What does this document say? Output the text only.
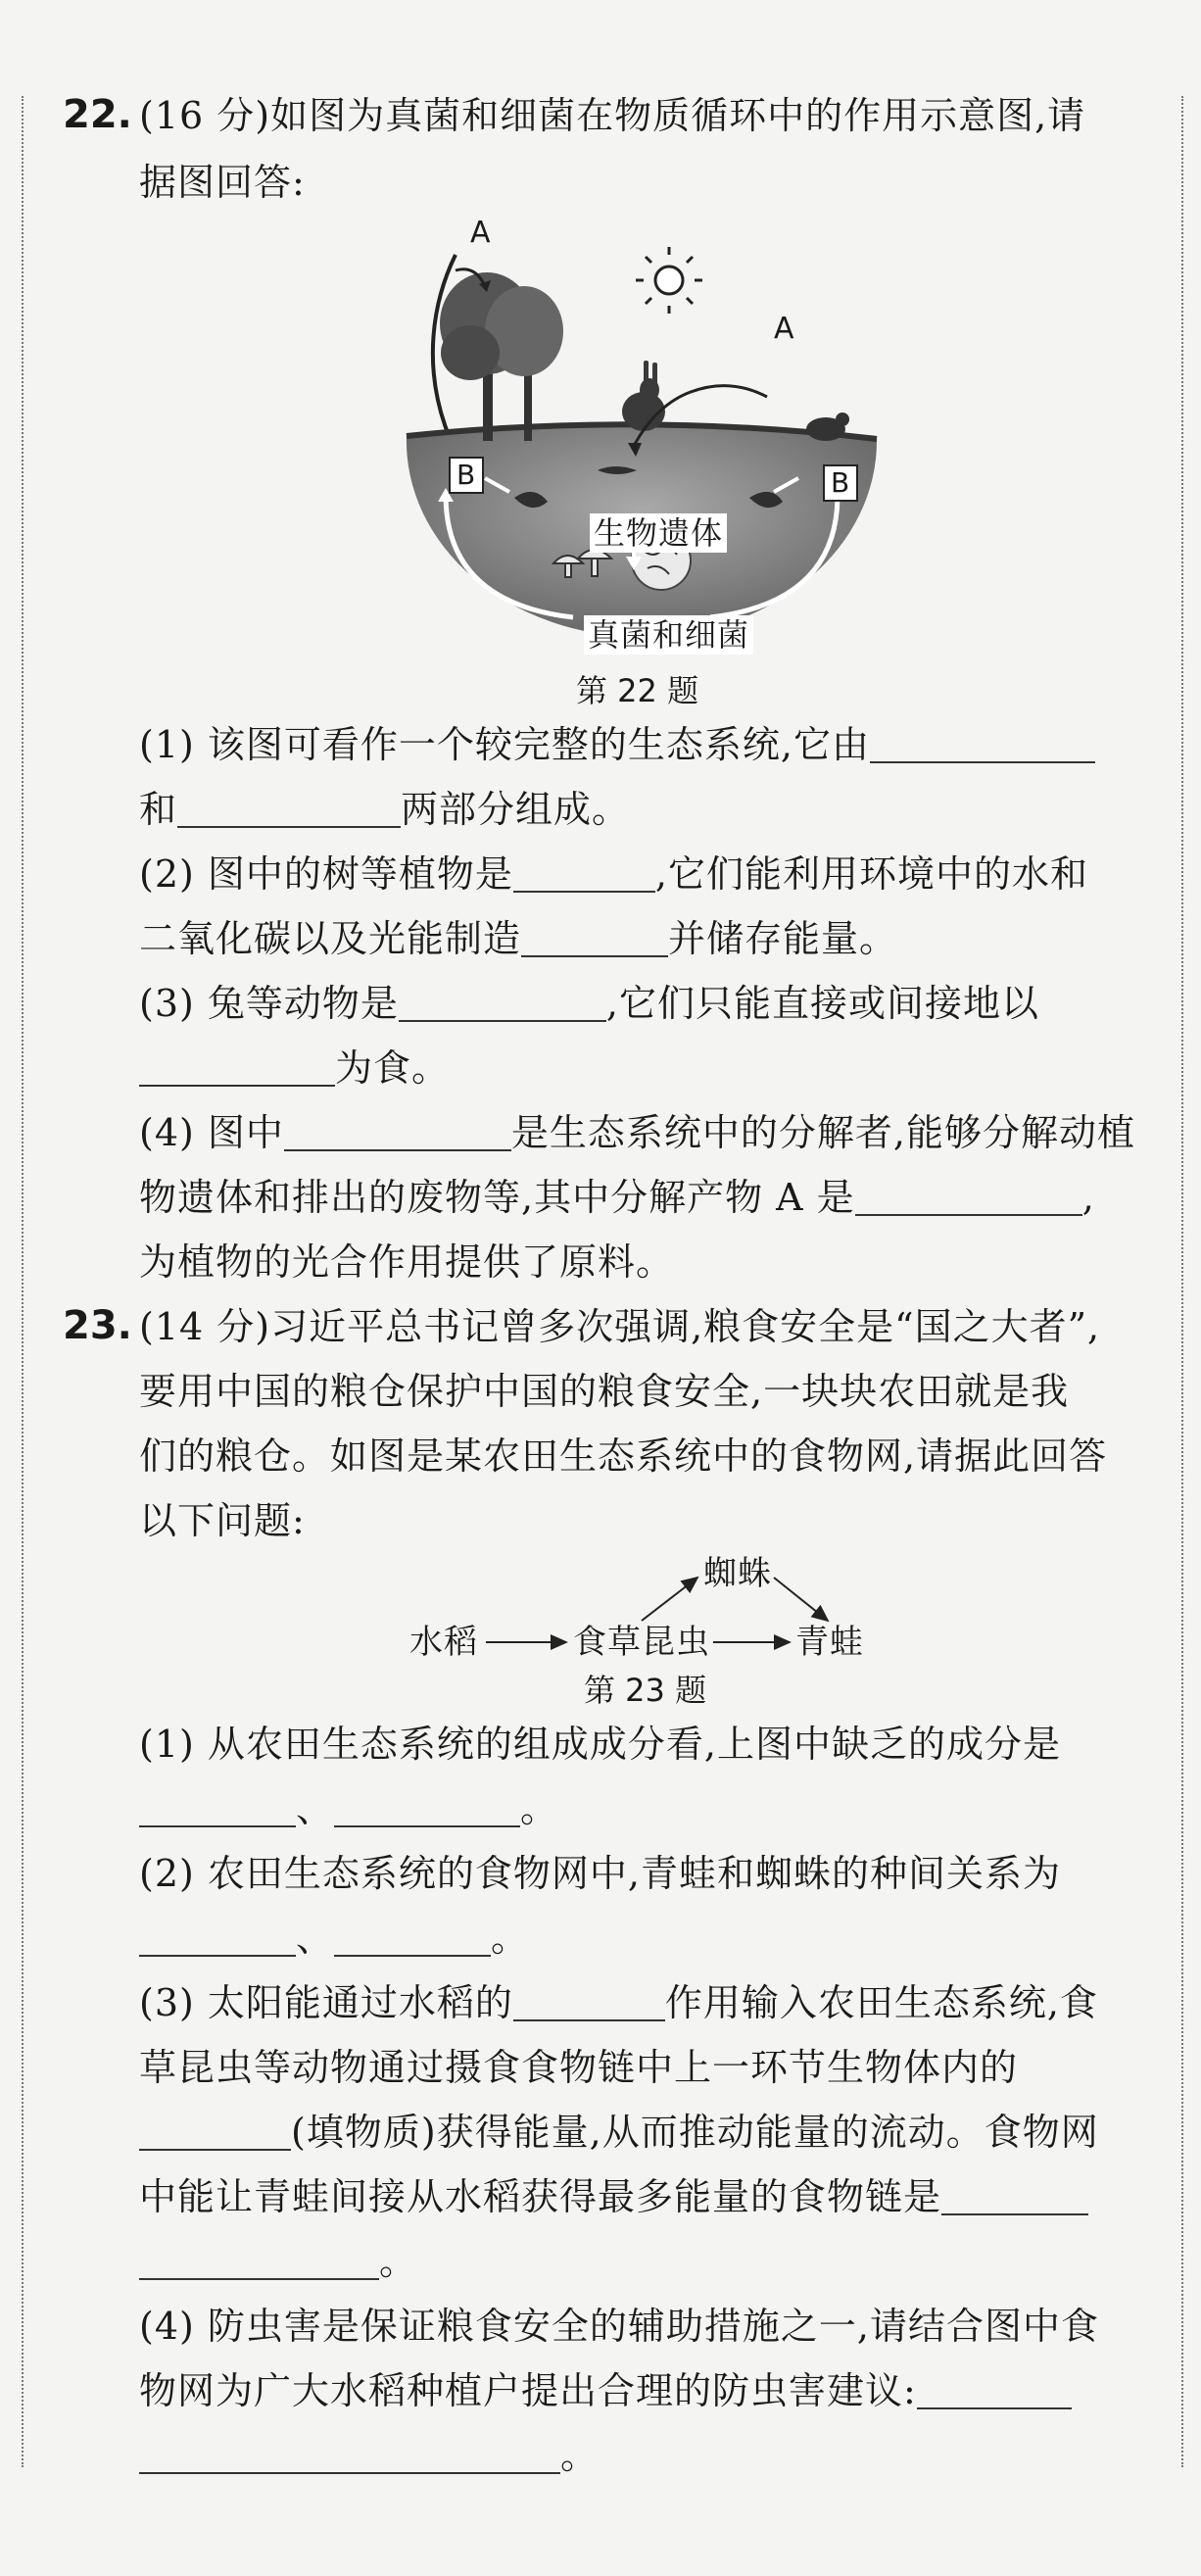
22. (16 分)如图为真菌和细菌在物质循环中的作用示意图,请
据图回答:
A
A
B	B
生物遗体
真菌和细菌
第 22 题
(1) 该图可看作一个较完整的生态系统,它由
和	两部分组成。
(2) 图中的树等植物是	,它们能利用环境中的水和
二氧化碳以及光能制造	并储存能量。
(3) 兔等动物是	,它们只能直接或间接地以
为食。
(4) 图中	是生态系统中的分解者,能够分解动植
物遗体和排出的废物等,其中分解产物 A 是	,
为植物的光合作用提供了原料。
23. (14 分)习近平总书记曾多次强调,粮食安全是“国之大者”,
要用中国的粮仓保护中国的粮食安全,一块块农田就是我
们的粮仓。如图是某农田生态系统中的食物网,请据此回答
以下问题:
蜘蛛
水稻	食草昆虫	青蛙
第 23 题
(1) 从农田生态系统的组成成分看,上图中缺乏的成分是
、	。
(2) 农田生态系统的食物网中,青蛙和蜘蛛的种间关系为
、	。
(3) 太阳能通过水稻的	作用输入农田生态系统,食
草昆虫等动物通过摄食食物链中上一环节生物体内的
(填物质)获得能量,从而推动能量的流动。食物网
中能让青蛙间接从水稻获得最多能量的食物链是
。
(4) 防虫害是保证粮食安全的辅助措施之一,请结合图中食
物网为广大水稻种植户提出合理的防虫害建议:
。
